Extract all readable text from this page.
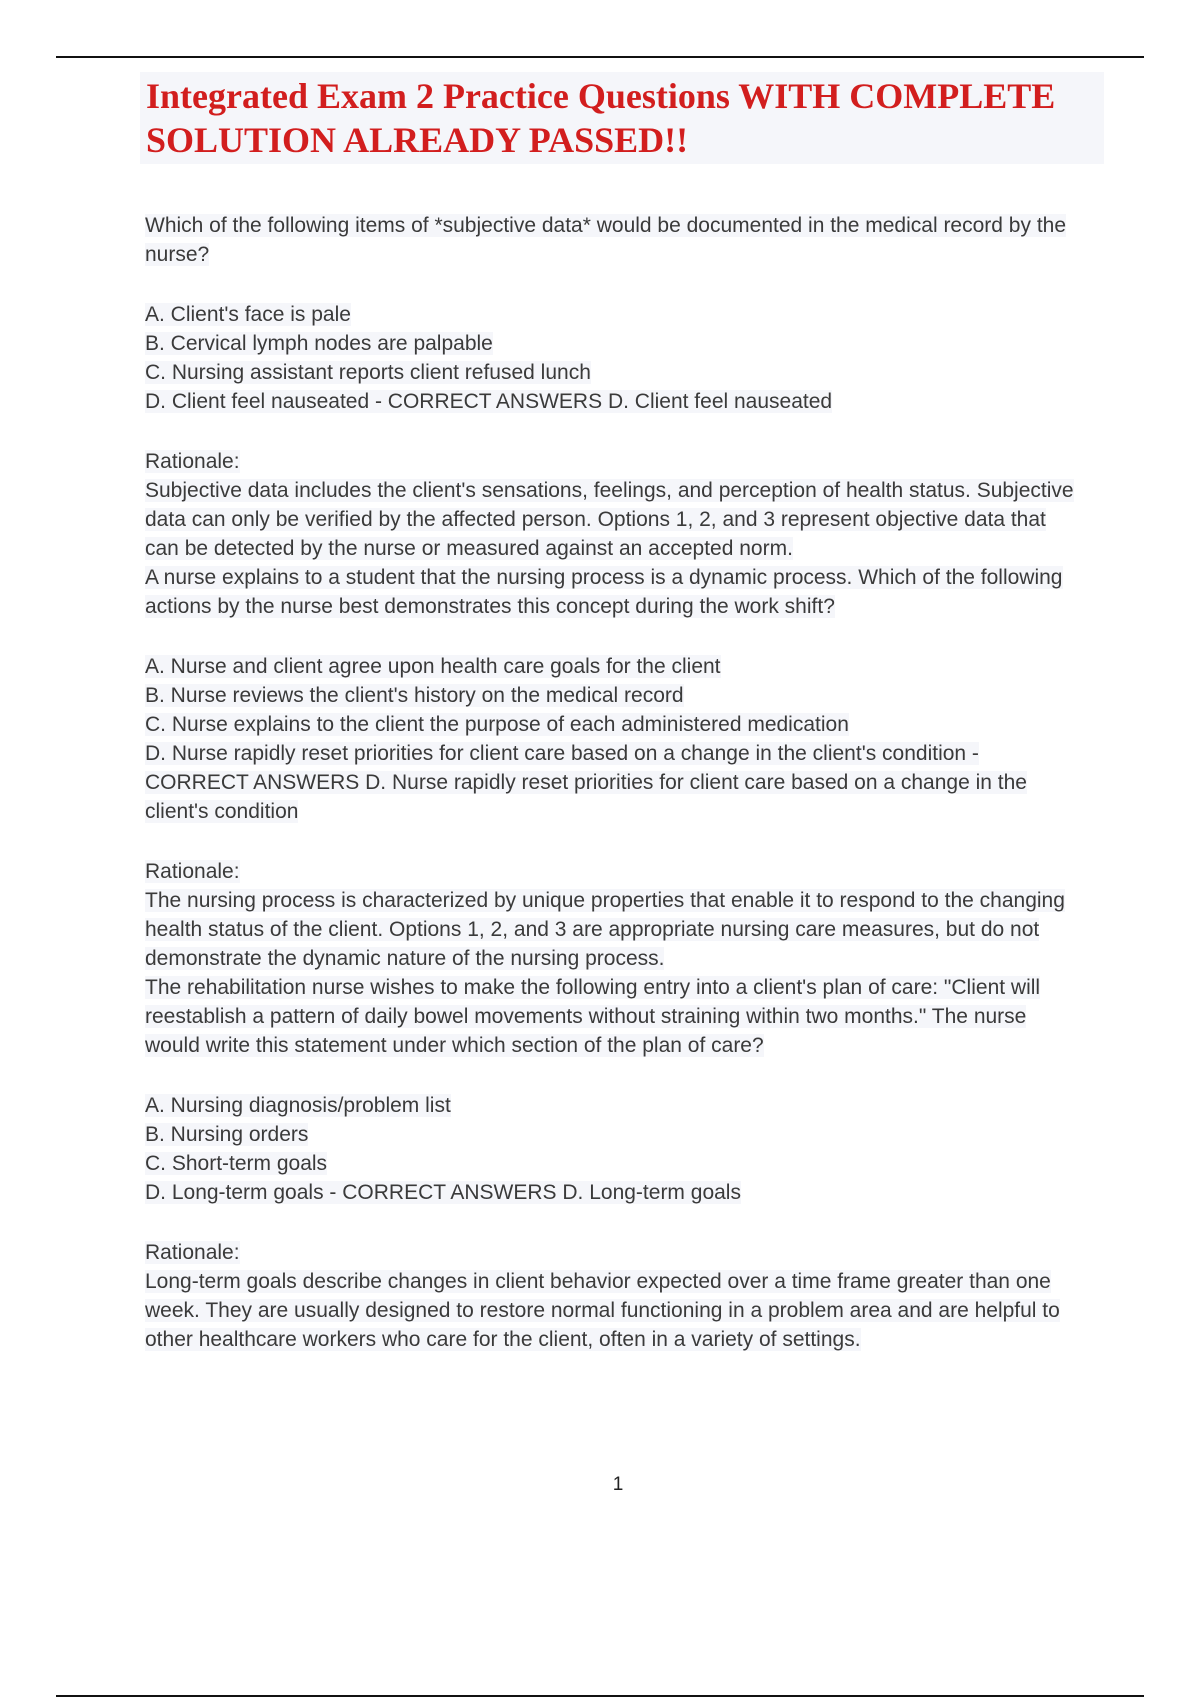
Integrated Exam 2 Practice Questions WITH COMPLETE SOLUTION ALREADY PASSED!!

Which of the following items of *subjective data* would be documented in the medical record by the nurse?

A. Client's face is pale

B. Cervical lymph nodes are palpable

C. Nursing assistant reports client refused lunch

D. Client feel nauseated - CORRECT ANSWERS D. Client feel nauseated

Rationale:

Subjective data includes the client's sensations, feelings, and perception of health status. Subjective data can only be verified by the affected person. Options 1, 2, and 3 represent objective data that can be detected by the nurse or measured against an accepted norm.

A nurse explains to a student that the nursing process is a dynamic process. Which of the following actions by the nurse best demonstrates this concept during the work shift?

A. Nurse and client agree upon health care goals for the client

B. Nurse reviews the client's history on the medical record

C. Nurse explains to the client the purpose of each administered medication

D. Nurse rapidly reset priorities for client care based on a change in the client's condition - CORRECT ANSWERS D. Nurse rapidly reset priorities for client care based on a change in the client's condition

Rationale:

The nursing process is characterized by unique properties that enable it to respond to the changing health status of the client. Options 1, 2, and 3 are appropriate nursing care measures, but do not demonstrate the dynamic nature of the nursing process.

The rehabilitation nurse wishes to make the following entry into a client's plan of care: "Client will reestablish a pattern of daily bowel movements without straining within two months." The nurse would write this statement under which section of the plan of care?

A. Nursing diagnosis/problem list

B. Nursing orders

C. Short-term goals

D. Long-term goals - CORRECT ANSWERS D. Long-term goals

Rationale:

Long-term goals describe changes in client behavior expected over a time frame greater than one week. They are usually designed to restore normal functioning in a problem area and are helpful to other healthcare workers who care for the client, often in a variety of settings.

1
